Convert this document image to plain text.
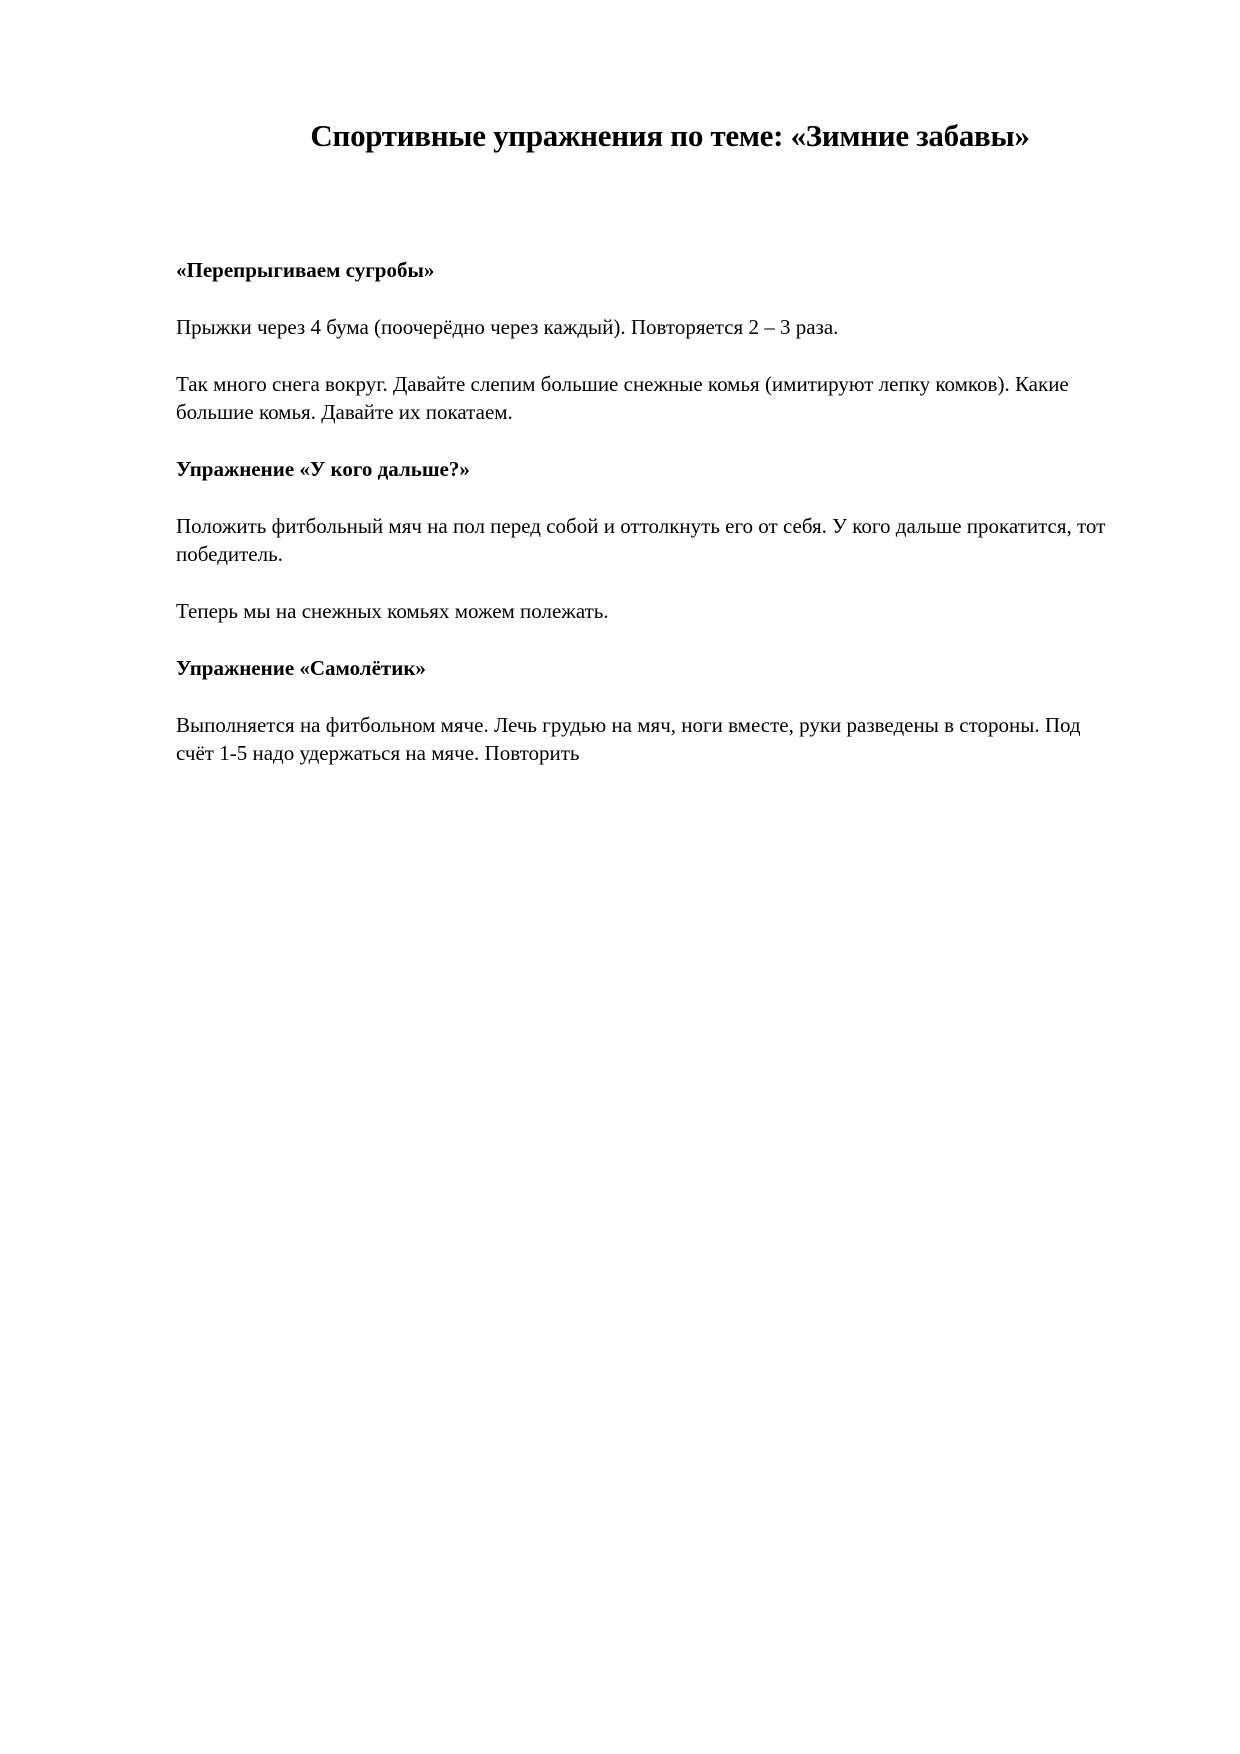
Спортивные упражнения по теме: «Зимние забавы»

«Перепрыгиваем сугробы»

Прыжки через 4 бума (поочерёдно через каждый). Повторяется 2 – 3 раза.

Так много снега вокруг. Давайте слепим большие снежные комья (имитируют лепку комков). Какие большие комья. Давайте их покатаем.

Упражнение «У кого дальше?»

Положить фитбольный мяч на пол перед собой и оттолкнуть его от себя. У кого дальше прокатится, тот победитель.

Теперь мы на снежных комьях можем полежать.

Упражнение «Самолётик»

Выполняется на фитбольном мяче. Лечь грудью на мяч, ноги вместе, руки разведены в стороны. Под счёт 1-5 надо удержаться на мяче. Повторить
